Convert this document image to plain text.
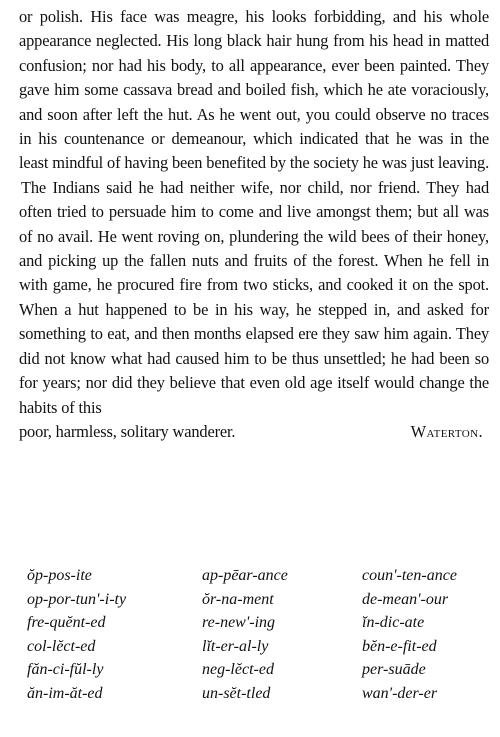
or polish. His face was meagre, his looks forbidding, and his whole appearance neglected. His long black hair hung from his head in matted confusion; nor had his body, to all appearance, ever been painted. They gave him some cassava bread and boiled fish, which he ate voraciously, and soon after left the hut. As he went out, you could observe no traces in his countenance or demeanour, which indicated that he was in the least mindful of having been benefited by the society he was just leaving.

The Indians said he had neither wife, nor child, nor friend. They had often tried to persuade him to come and live amongst them; but all was of no avail. He went roving on, plundering the wild bees of their honey, and picking up the fallen nuts and fruits of the forest. When he fell in with game, he procured fire from two sticks, and cooked it on the spot. When a hut happened to be in his way, he stepped in, and asked for something to eat, and then months elapsed ere they saw him again. They did not know what had caused him to be thus unsettled; he had been so for years; nor did they believe that even old age itself would change the habits of this

poor, harmless, solitary wanderer.	Waterton.
ŏp-pos-ite	ap-pēar-ance	coun'-ten-ance
op-por-tun'-i-ty	ŏr-na-ment	de-mean'-our
fre-quĕnt-ed	re-new'-ing	ĭn-dic-ate
col-lĕct-ed	lĭt-er-al-ly	bĕn-e-fit-ed
făn-ci-fŭl-ly	neg-lĕct-ed	per-suāde
ăn-im-ăt-ed	un-sĕt-tled	wan'-der-er
